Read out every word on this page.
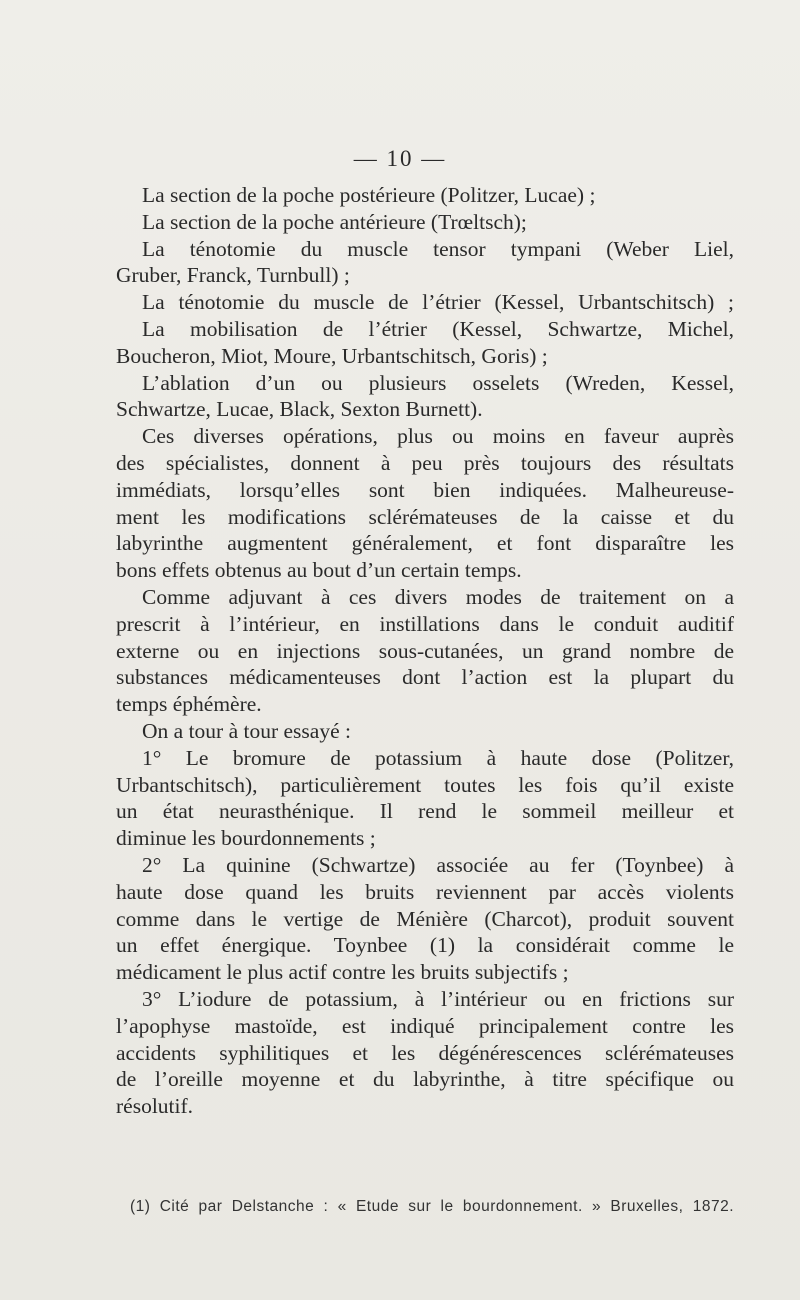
— 10 —
La section de la poche postérieure (Politzer, Lucae) ;
La section de la poche antérieure (Trœltsch);
La ténotomie du muscle tensor tympani (Weber Liel,
Gruber, Franck, Turnbull) ;
La ténotomie du muscle de l’étrier (Kessel, Urbantschitsch) ;
La mobilisation de l’étrier (Kessel, Schwartze, Michel,
Boucheron, Miot, Moure, Urbantschitsch, Goris) ;
L’ablation d’un ou plusieurs osselets (Wreden, Kessel,
Schwartze, Lucae, Black, Sexton Burnett).
Ces diverses opérations, plus ou moins en faveur auprès
des spécialistes, donnent à peu près toujours des résultats
immédiats, lorsqu’elles sont bien indiquées. Malheureuse-
ment les modifications sclérémateuses de la caisse et du
labyrinthe augmentent généralement, et font disparaître les
bons effets obtenus au bout d’un certain temps.
Comme adjuvant à ces divers modes de traitement on a
prescrit à l’intérieur, en instillations dans le conduit auditif
externe ou en injections sous-cutanées, un grand nombre de
substances médicamenteuses dont l’action est la plupart du
temps éphémère.
On a tour à tour essayé :
1° Le bromure de potassium à haute dose (Politzer,
Urbantschitsch), particulièrement toutes les fois qu’il existe
un état neurasthénique. Il rend le sommeil meilleur et
diminue les bourdonnements ;
2° La quinine (Schwartze) associée au fer (Toynbee) à
haute dose quand les bruits reviennent par accès violents
comme dans le vertige de Ménière (Charcot), produit souvent
un effet énergique. Toynbee (1) la considérait comme le
médicament le plus actif contre les bruits subjectifs ;
3° L’iodure de potassium, à l’intérieur ou en frictions sur
l’apophyse mastoïde, est indiqué principalement contre les
accidents syphilitiques et les dégénérescences sclérémateuses
de l’oreille moyenne et du labyrinthe, à titre spécifique ou
résolutif.
(1) Cité par Delstanche : « Etude sur le bourdonnement. » Bruxelles, 1872.
